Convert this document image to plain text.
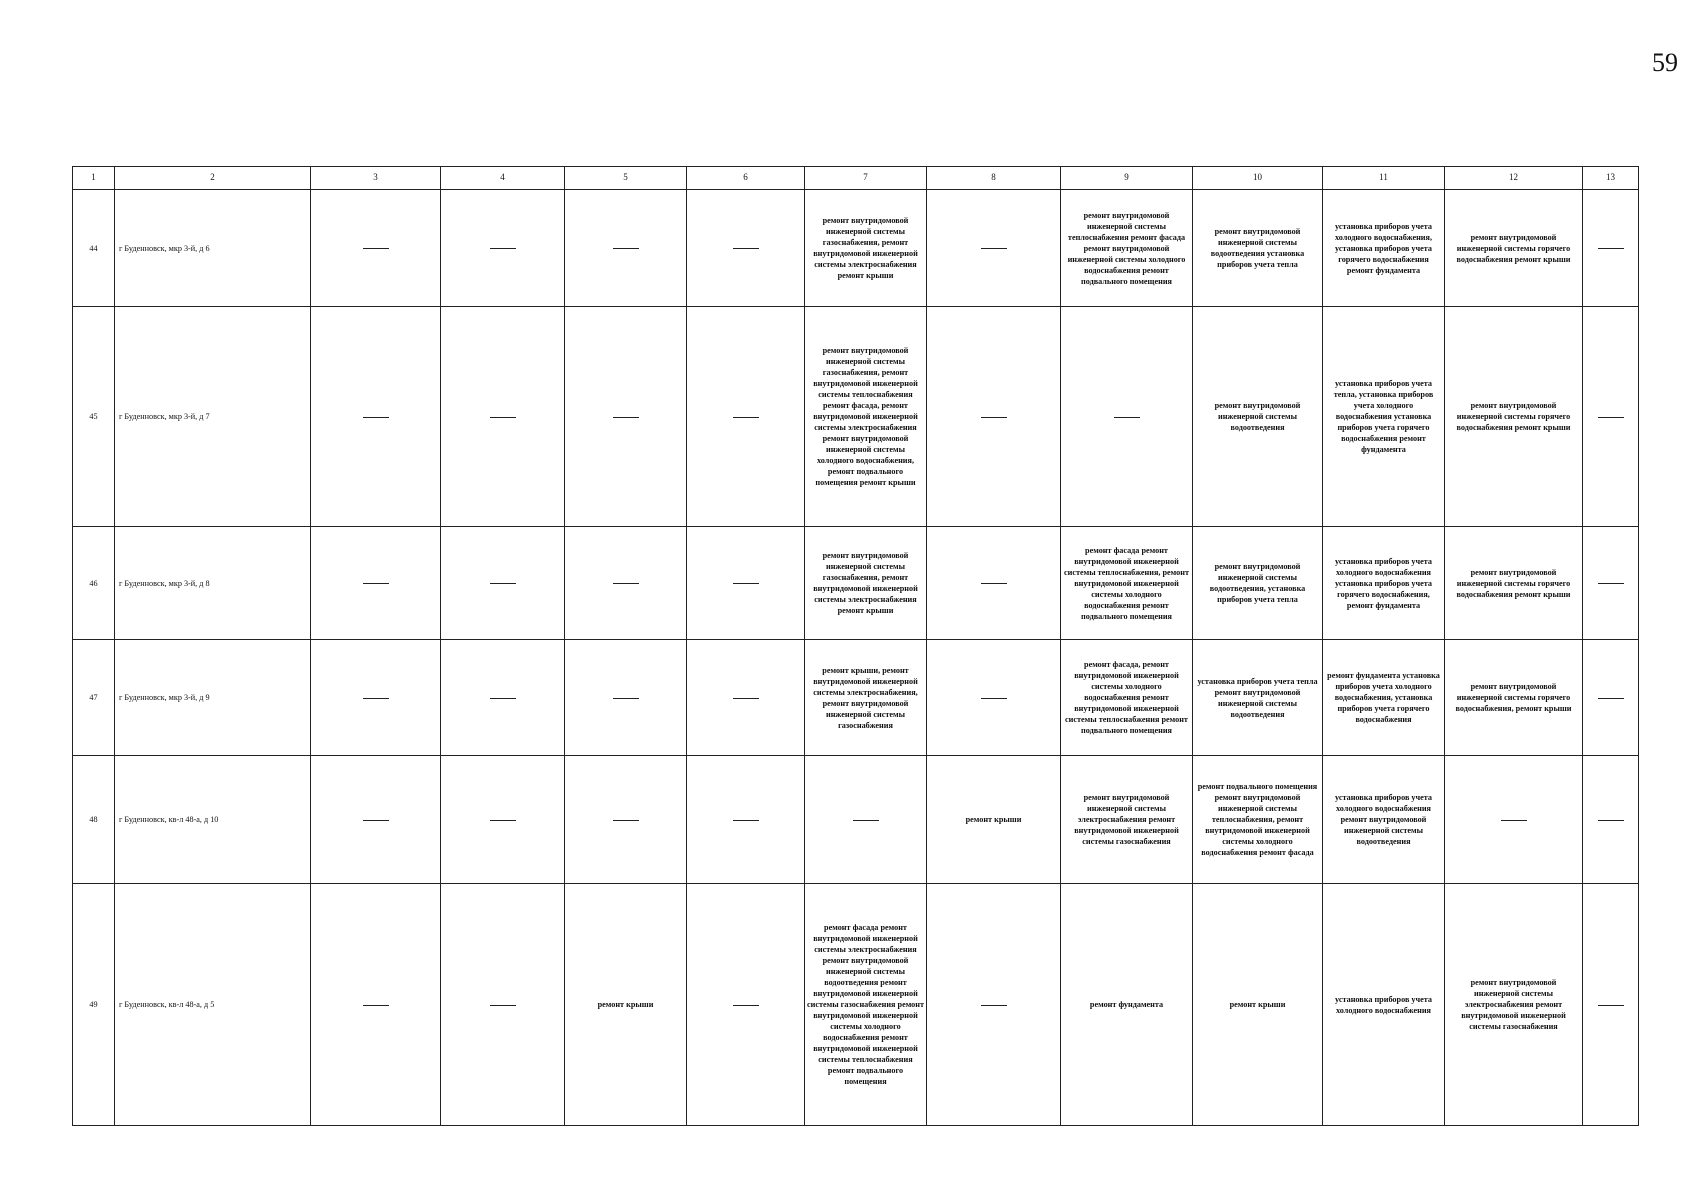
59
1	2	3	4	5	6	7	8	9	10	11	12	13
44	г Буденновск, мкр 3-й, д 6					ремонт внутридомовой инженерной системы газоснабжения, ремонт внутридомовой инженерной системы электроснабжения ремонт крыши		ремонт внутридомовой инженерной системы теплоснабжения ремонт фасада ремонт внутридомовой инженерной системы холодного водоснабжения ремонт подвального помещения	ремонт внутридомовой инженерной системы водоотведения установка приборов учета тепла	установка приборов учета холодного водоснабжения, установка приборов учета горячего водоснабжения ремонт фундамента	ремонт внутридомовой инженерной системы горячего водоснабжения ремонт крыши	
45	г Буденновск, мкр 3-й, д 7					ремонт внутридомовой инженерной системы газоснабжения, ремонт внутридомовой инженерной системы теплоснабжения ремонт фасада, ремонт внутридомовой инженерной системы электроснабжения ремонт внутридомовой инженерной системы холодного водоснабжения, ремонт подвального помещения ремонт крыши			ремонт внутридомовой инженерной системы водоотведения	установка приборов учета тепла, установка приборов учета холодного водоснабжения установка приборов учета горячего водоснабжения ремонт фундамента	ремонт внутридомовой инженерной системы горячего водоснабжения ремонт крыши	
46	г Буденновск, мкр 3-й, д 8					ремонт внутридомовой инженерной системы газоснабжения, ремонт внутридомовой инженерной системы электроснабжения ремонт крыши		ремонт фасада ремонт внутридомовой инженерной системы теплоснабжения, ремонт внутридомовой инженерной системы холодного водоснабжения ремонт подвального помещения	ремонт внутридомовой инженерной системы водоотведения, установка приборов учета тепла	установка приборов учета холодного водоснабжения установка приборов учета горячего водоснабжения, ремонт фундамента	ремонт внутридомовой инженерной системы горячего водоснабжения ремонт крыши	
47	г Буденновск, мкр 3-й, д 9					ремонт крыши, ремонт внутридомовой инженерной системы электроснабжения, ремонт внутридомовой инженерной системы газоснабжения		ремонт фасада, ремонт внутридомовой инженерной системы холодного водоснабжения ремонт внутридомовой инженерной системы теплоснабжения ремонт подвального помещения	установка приборов учета тепла ремонт внутридомовой инженерной системы водоотведения	ремонт фундамента установка приборов учета холодного водоснабжения, установка приборов учета горячего водоснабжения	ремонт внутридомовой инженерной системы горячего водоснабжения, ремонт крыши	
48	г Буденновск, кв-л 48-а, д 10						ремонт крыши	ремонт внутридомовой инженерной системы электроснабжения ремонт внутридомовой инженерной системы газоснабжения	ремонт подвального помещения ремонт внутридомовой инженерной системы теплоснабжения, ремонт внутридомовой инженерной системы холодного водоснабжения ремонт фасада	установка приборов учета холодного водоснабжения ремонт внутридомовой инженерной системы водоотведения		
49	г Буденновск, кв-л 48-а, д 5			ремонт крыши		ремонт фасада ремонт внутридомовой инженерной системы электроснабжения ремонт внутридомовой инженерной системы водоотведения ремонт внутридомовой инженерной системы газоснабжения ремонт внутридомовой инженерной системы холодного водоснабжения ремонт внутридомовой инженерной системы теплоснабжения ремонт подвального помещения		ремонт фундамента	ремонт крыши	установка приборов учета холодного водоснабжения	ремонт внутридомовой инженерной системы электроснабжения ремонт внутридомовой инженерной системы газоснабжения	
